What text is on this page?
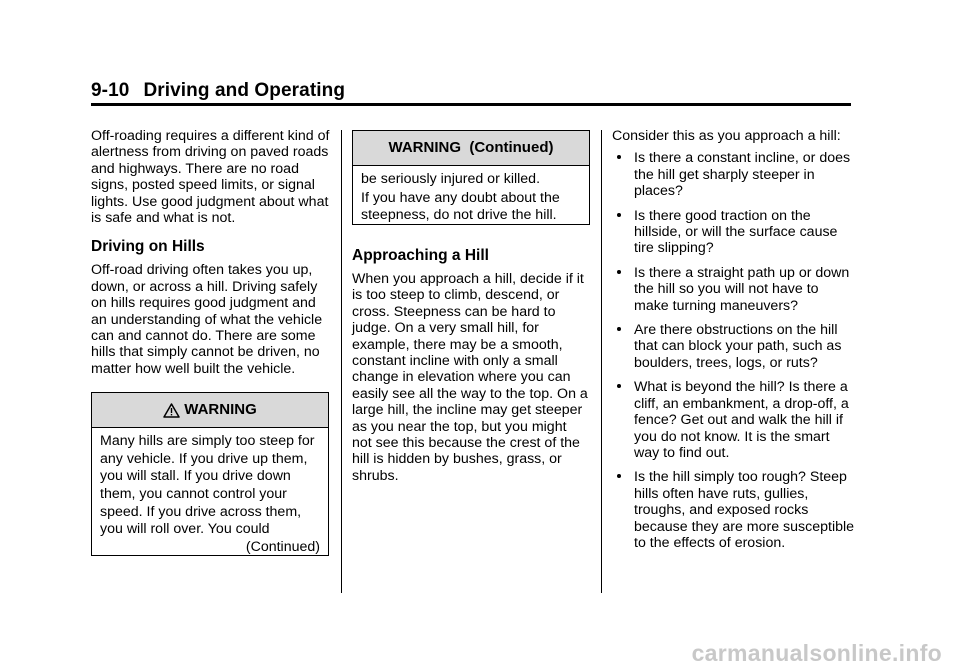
9-10 Driving and Operating

Off-roading requires a different kind of alertness from driving on paved roads and highways. There are no road signs, posted speed limits, or signal lights. Use good judgment about what is safe and what is not.

Driving on Hills

Off-road driving often takes you up, down, or across a hill. Driving safely on hills requires good judgment and an understanding of what the vehicle can and cannot do. There are some hills that simply cannot be driven, no matter how well built the vehicle.

WARNING

Many hills are simply too steep for any vehicle. If you drive up them, you will stall. If you drive down them, you cannot control your speed. If you drive across them, you will roll over. You could

(Continued)

WARNING  (Continued)

be seriously injured or killed.

If you have any doubt about the steepness, do not drive the hill.

Approaching a Hill

When you approach a hill, decide if it is too steep to climb, descend, or cross. Steepness can be hard to judge. On a very small hill, for example, there may be a smooth, constant incline with only a small change in elevation where you can easily see all the way to the top. On a large hill, the incline may get steeper as you near the top, but you might not see this because the crest of the hill is hidden by bushes, grass, or shrubs.

Consider this as you approach a hill:

Is there a constant incline, or does the hill get sharply steeper in places?
Is there good traction on the hillside, or will the surface cause tire slipping?
Is there a straight path up or down the hill so you will not have to make turning maneuvers?
Are there obstructions on the hill that can block your path, such as boulders, trees, logs, or ruts?
What is beyond the hill? Is there a cliff, an embankment, a drop-off, a fence? Get out and walk the hill if you do not know. It is the smart way to find out.
Is the hill simply too rough? Steep hills often have ruts, gullies, troughs, and exposed rocks because they are more susceptible to the effects of erosion.
carmanualsonline.info
